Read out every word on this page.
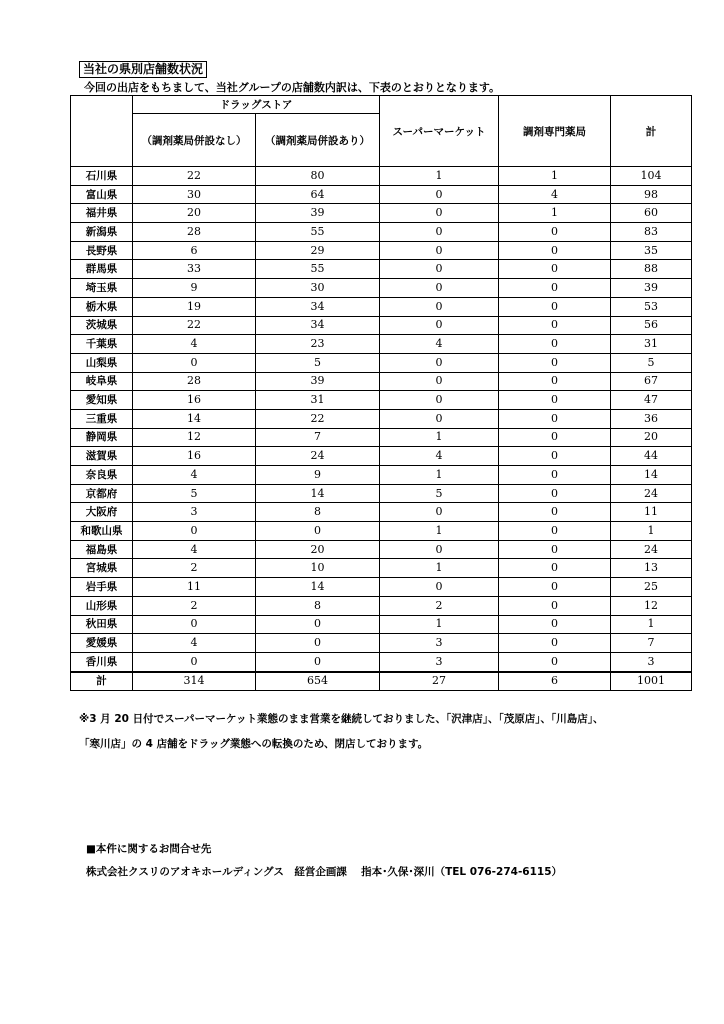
当社の県別店舗数状況
今回の出店をもちまして、当社グループの店舗数内訳は、下表のとおりとなります。
	ドラッグストア		スーパーマーケット	調剤専門薬局	計
	（調剤薬局併設なし）	（調剤薬局併設あり）			
石川県	22	80	1	1	104
富山県	30	64	0	4	98
福井県	20	39	0	1	60
新潟県	28	55	0	0	83
長野県	6	29	0	0	35
群馬県	33	55	0	0	88
埼玉県	9	30	0	0	39
栃木県	19	34	0	0	53
茨城県	22	34	0	0	56
千葉県	4	23	4	0	31
山梨県	0	5	0	0	5
岐阜県	28	39	0	0	67
愛知県	16	31	0	0	47
三重県	14	22	0	0	36
静岡県	12	7	1	0	20
滋賀県	16	24	4	0	44
奈良県	4	9	1	0	14
京都府	5	14	5	0	24
大阪府	3	8	0	0	11
和歌山県	0	0	1	0	1
福島県	4	20	0	0	24
宮城県	2	10	1	0	13
岩手県	11	14	0	0	25
山形県	2	8	2	0	12
秋田県	0	0	1	0	1
愛媛県	4	0	3	0	7
香川県	0	0	3	0	3
計	314	654	27	6	1001
※3 月 20 日付でスーパーマーケット業態のまま営業を継続しておりました、「沢津店」、「茂原店」、「川島店」、
「寒川店」の 4 店舗をドラッグ業態への転換のため、閉店しております。
■本件に関するお問合せ先
株式会社クスリのアオキホールディングス　経営企画課　 指本･久保･深川（TEL 076-274-6115）
